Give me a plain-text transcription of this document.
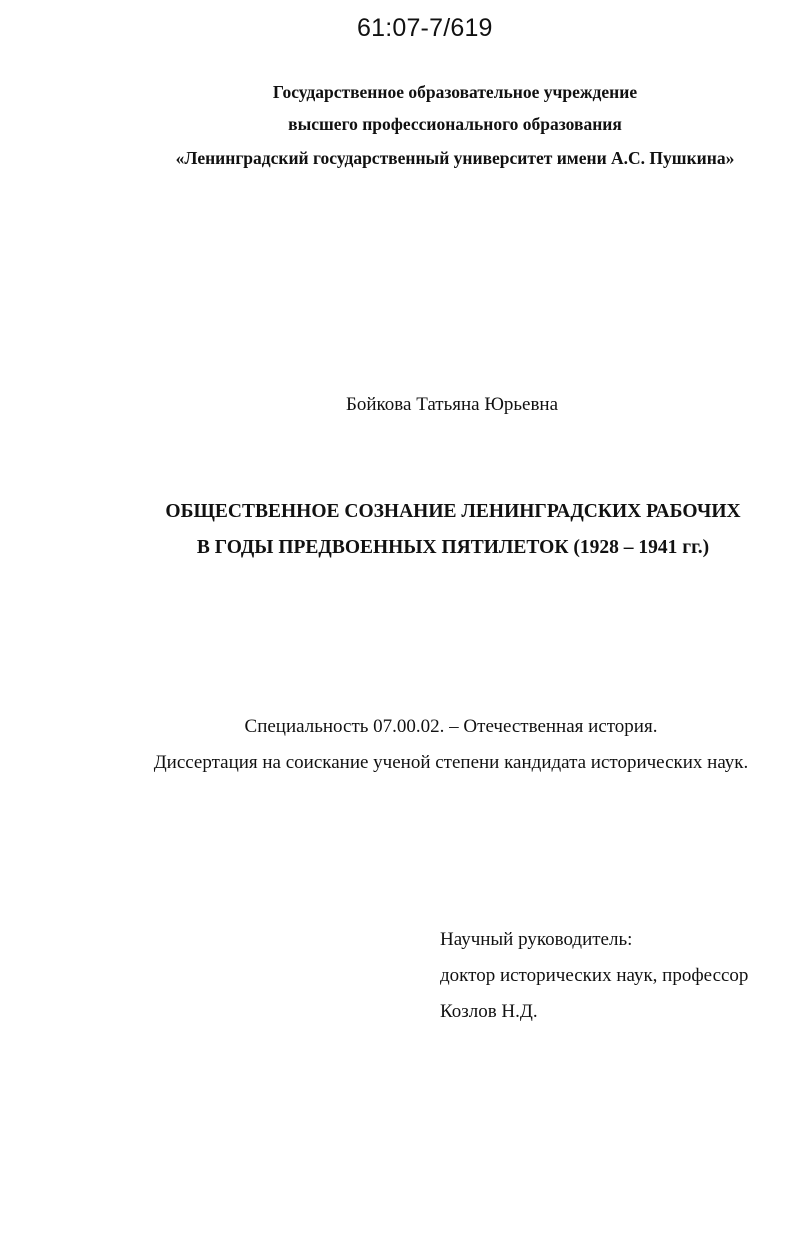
61:07-7/619
Государственное образовательное учреждение
высшего профессионального образования
«Ленинградский государственный университет имени А.С. Пушкина»
Бойкова Татьяна Юрьевна
ОБЩЕСТВЕННОЕ СОЗНАНИЕ ЛЕНИНГРАДСКИХ РАБОЧИХ
В ГОДЫ ПРЕДВОЕННЫХ ПЯТИЛЕТОК (1928 – 1941 гг.)
Специальность 07.00.02. – Отечественная история.
Диссертация на соискание ученой степени кандидата исторических наук.
Научный руководитель:
доктор исторических наук, профессор
Козлов Н.Д.
